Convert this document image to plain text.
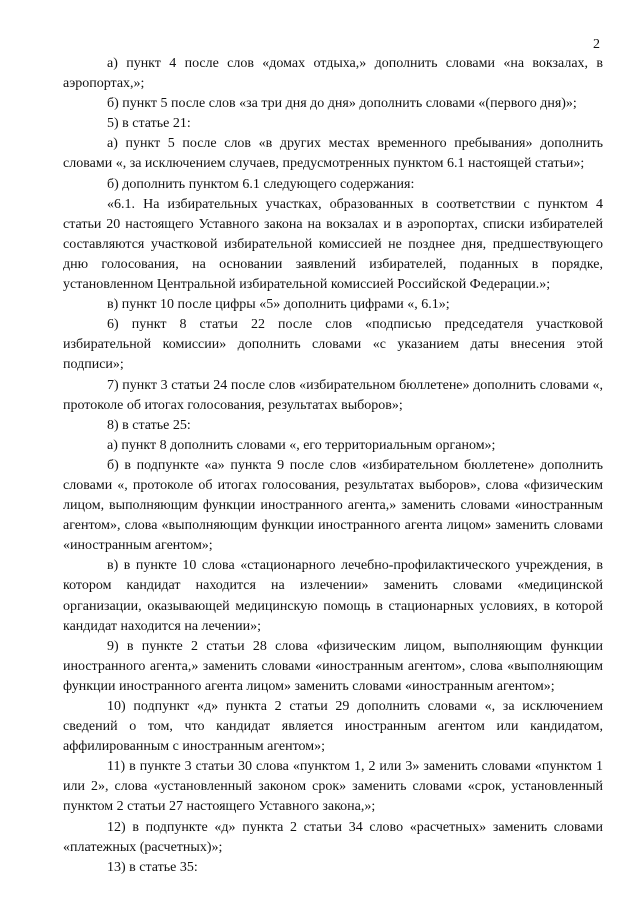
2

а) пункт 4 после слов «домах отдыха,» дополнить словами «на вокзалах, в аэропортах,»;

б) пункт 5 после слов «за три дня до дня» дополнить словами «(первого дня)»;

5) в статье 21:

а) пункт 5 после слов «в других местах временного пребывания» дополнить словами «, за исключением случаев, предусмотренных пунктом 6.1 настоящей статьи»;

б) дополнить пунктом 6.1 следующего содержания:

«6.1. На избирательных участках, образованных в соответствии с пунктом 4 статьи 20 настоящего Уставного закона на вокзалах и в аэропортах, списки избирателей составляются участковой избирательной комиссией не позднее дня, предшествующего дню голосования, на основании заявлений избирателей, поданных в порядке, установленном Центральной избирательной комиссией Российской Федерации.»;

в) пункт 10 после цифры «5» дополнить цифрами «, 6.1»;

6) пункт 8 статьи 22 после слов «подписью председателя участковой избирательной комиссии» дополнить словами «с указанием даты внесения этой подписи»;

7) пункт 3 статьи 24 после слов «избирательном бюллетене» дополнить словами «, протоколе об итогах голосования, результатах выборов»;

8) в статье 25:

а) пункт 8 дополнить словами «, его территориальным органом»;

б) в подпункте «а» пункта 9 после слов «избирательном бюллетене» дополнить словами «, протоколе об итогах голосования, результатах выборов», слова «физическим лицом, выполняющим функции иностранного агента,» заменить словами «иностранным агентом», слова «выполняющим функции иностранного агента лицом» заменить словами «иностранным агентом»;

в) в пункте 10 слова «стационарного лечебно-профилактического учреждения, в котором кандидат находится на излечении» заменить словами «медицинской организации, оказывающей медицинскую помощь в стационарных условиях, в которой кандидат находится на лечении»;

9) в пункте 2 статьи 28 слова «физическим лицом, выполняющим функции иностранного агента,» заменить словами «иностранным агентом», слова «выполняющим функции иностранного агента лицом» заменить словами «иностранным агентом»;

10) подпункт «д» пункта 2 статьи 29 дополнить словами «, за исключением сведений о том, что кандидат является иностранным агентом или кандидатом, аффилированным с иностранным агентом»;

11) в пункте 3 статьи 30 слова «пунктом 1, 2 или 3» заменить словами «пунктом 1 или 2», слова «установленный законом срок» заменить словами «срок, установленный пунктом 2 статьи 27 настоящего Уставного закона,»;

12) в подпункте «д» пункта 2 статьи 34 слово «расчетных» заменить словами «платежных (расчетных)»;

13) в статье 35:
